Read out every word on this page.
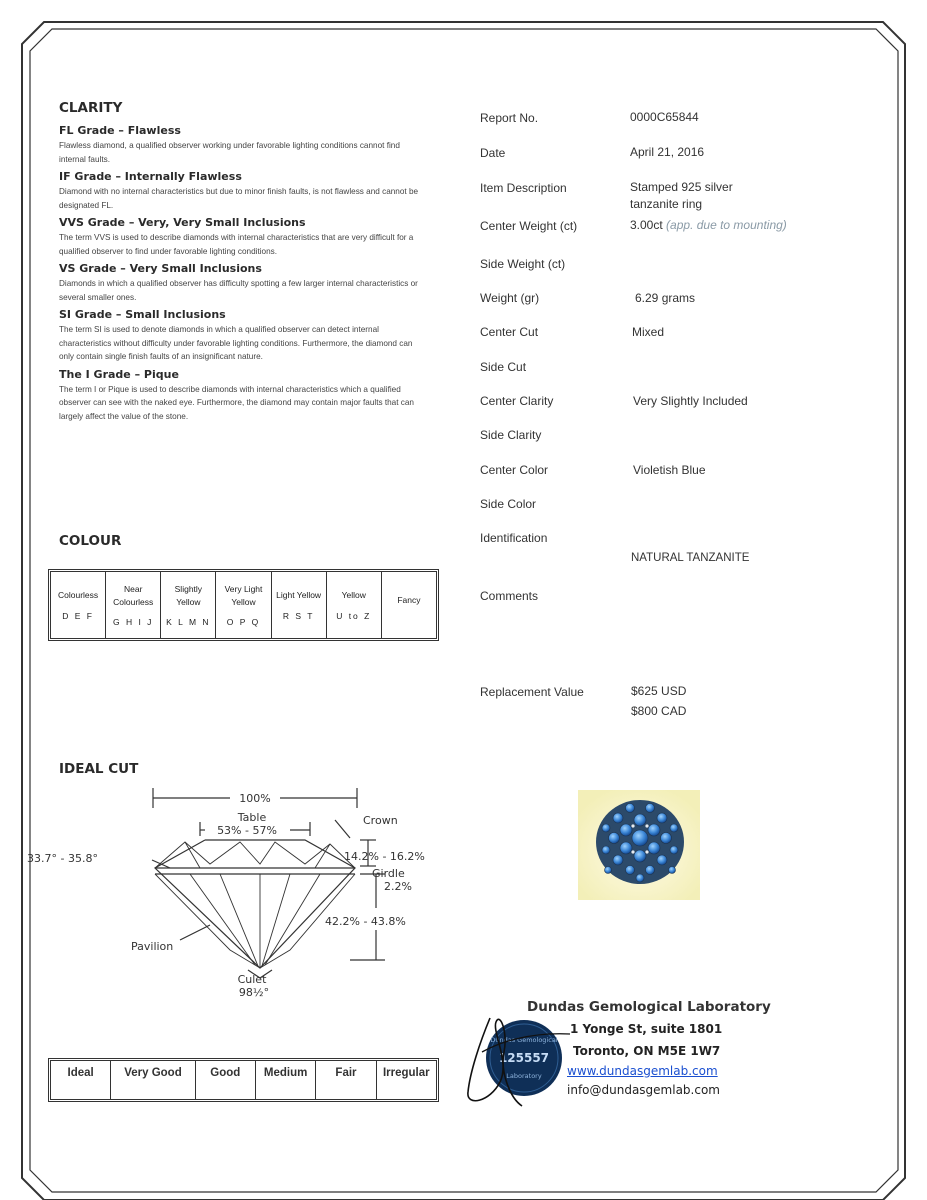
CLARITY
FL Grade – Flawless
Flawless diamond, a qualified observer working under favorable lighting conditions cannot find internal faults.
IF Grade – Internally Flawless
Diamond with no internal characteristics but due to minor finish faults, is not flawless and cannot be designated FL.
VVS Grade – Very, Very Small Inclusions
The term VVS is used to describe diamonds with internal characteristics that are very difficult for a qualified observer to find under favorable lighting conditions.
VS Grade – Very Small Inclusions
Diamonds in which a qualified observer has difficulty spotting a few larger internal characteristics or several smaller ones.
SI Grade – Small Inclusions
The term SI is used to denote diamonds in which a qualified observer can detect internal characteristics without difficulty under favorable lighting conditions. Furthermore, the diamond can only contain single finish faults of an insignificant nature.
The I Grade – Pique
The term I or Pique is used to describe diamonds with internal characteristics which a qualified observer can see with the naked eye. Furthermore, the diamond may contain major faults that can largely affect the value of the stone.
COLOUR
Colourless
D E F
Near Colourless
G H I J
Slightly Yellow
K L M N
Very Light Yellow
O P Q
Light Yellow
R S T
Yellow
U to Z
Fancy
IDEAL CUT
100%
Table
53% - 57%
Crown
33.7° - 35.8°	14.2% - 16.2%
Girdle
2.2%
42.2% - 43.8%
Pavilion
Culet
98½°
Ideal	Very Good	Good	Medium	Fair	Irregular
Report No.	0000C65844
Date	April 21, 2016
Item Description	Stamped 925 silver
tanzanite ring
Center Weight (ct)	3.00ct (app. due to mounting)
Side Weight (ct)
Weight (gr)	6.29 grams
Center Cut	Mixed
Side Cut
Center Clarity	Very Slightly Included
Side Clarity
Center Color	Violetish Blue
Side Color
Identification
NATURAL TANZANITE
Comments
Replacement Value	$625 USD
$800 CAD
Dundas Gemological
125557
Laboratory
Dundas Gemological Laboratory
1 Yonge St, suite 1801
Toronto, ON M5E 1W7
www.dundasgemlab.com
info@dundasgemlab.com
